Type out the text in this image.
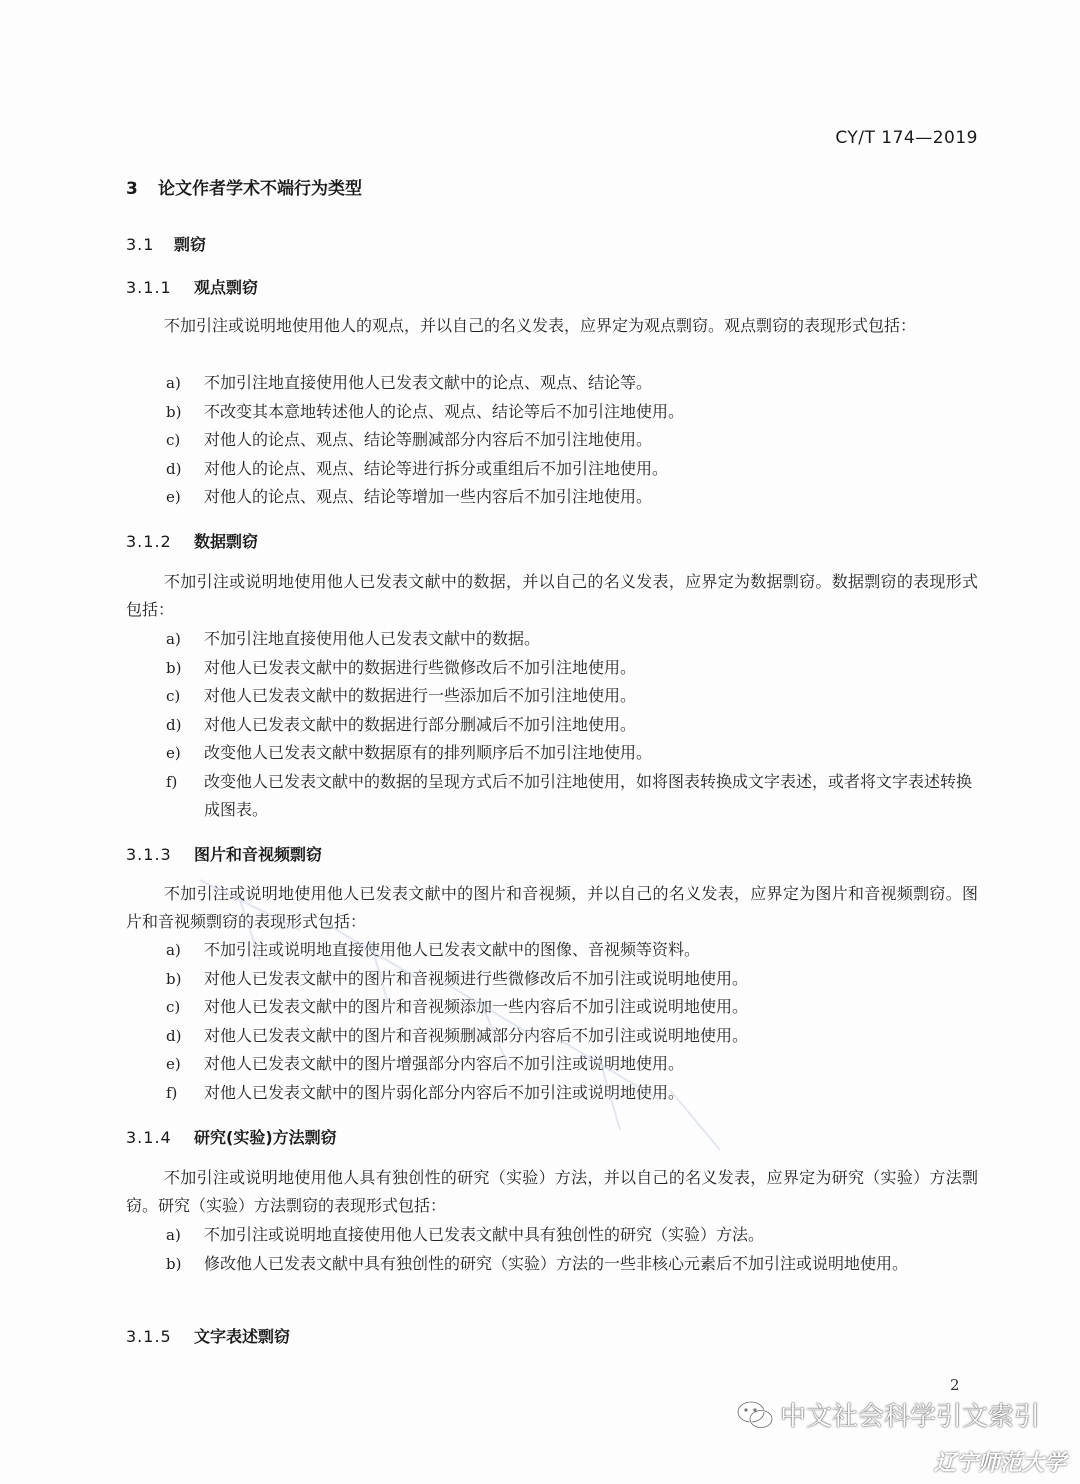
CY/T 174—2019
3 论文作者学术不端行为类型
3.1 剽窃
3.1.1 观点剽窃
不加引注或说明地使用他人的观点，并以自己的名义发表，应界定为观点剽窃。观点剽窃的表现形式包括：
a) 不加引注地直接使用他人已发表文献中的论点、观点、结论等。
b) 不改变其本意地转述他人的论点、观点、结论等后不加引注地使用。
c) 对他人的论点、观点、结论等删减部分内容后不加引注地使用。
d) 对他人的论点、观点、结论等进行拆分或重组后不加引注地使用。
e) 对他人的论点、观点、结论等增加一些内容后不加引注地使用。
3.1.2 数据剽窃
不加引注或说明地使用他人已发表文献中的数据，并以自己的名义发表，应界定为数据剽窃。数据剽窃的表现形式包括：
a) 不加引注地直接使用他人已发表文献中的数据。
b) 对他人已发表文献中的数据进行些微修改后不加引注地使用。
c) 对他人已发表文献中的数据进行一些添加后不加引注地使用。
d) 对他人已发表文献中的数据进行部分删减后不加引注地使用。
e) 改变他人已发表文献中数据原有的排列顺序后不加引注地使用。
f) 改变他人已发表文献中的数据的呈现方式后不加引注地使用，如将图表转换成文字表述，或者将文字表述转换成图表。
3.1.3 图片和音视频剽窃
不加引注或说明地使用他人已发表文献中的图片和音视频，并以自己的名义发表，应界定为图片和音视频剽窃。图片和音视频剽窃的表现形式包括：
a) 不加引注或说明地直接使用他人已发表文献中的图像、音视频等资料。
b) 对他人已发表文献中的图片和音视频进行些微修改后不加引注或说明地使用。
c) 对他人已发表文献中的图片和音视频添加一些内容后不加引注或说明地使用。
d) 对他人已发表文献中的图片和音视频删减部分内容后不加引注或说明地使用。
e) 对他人已发表文献中的图片增强部分内容后不加引注或说明地使用。
f) 对他人已发表文献中的图片弱化部分内容后不加引注或说明地使用。
3.1.4 研究(实验)方法剽窃
不加引注或说明地使用他人具有独创性的研究（实验）方法，并以自己的名义发表，应界定为研究（实验）方法剽窃。研究（实验）方法剽窃的表现形式包括：
a) 不加引注或说明地直接使用他人已发表文献中具有独创性的研究（实验）方法。
b) 修改他人已发表文献中具有独创性的研究（实验）方法的一些非核心元素后不加引注或说明地使用。
3.1.5 文字表述剽窃
2
中文社会科学引文索引
辽宁师范大学
